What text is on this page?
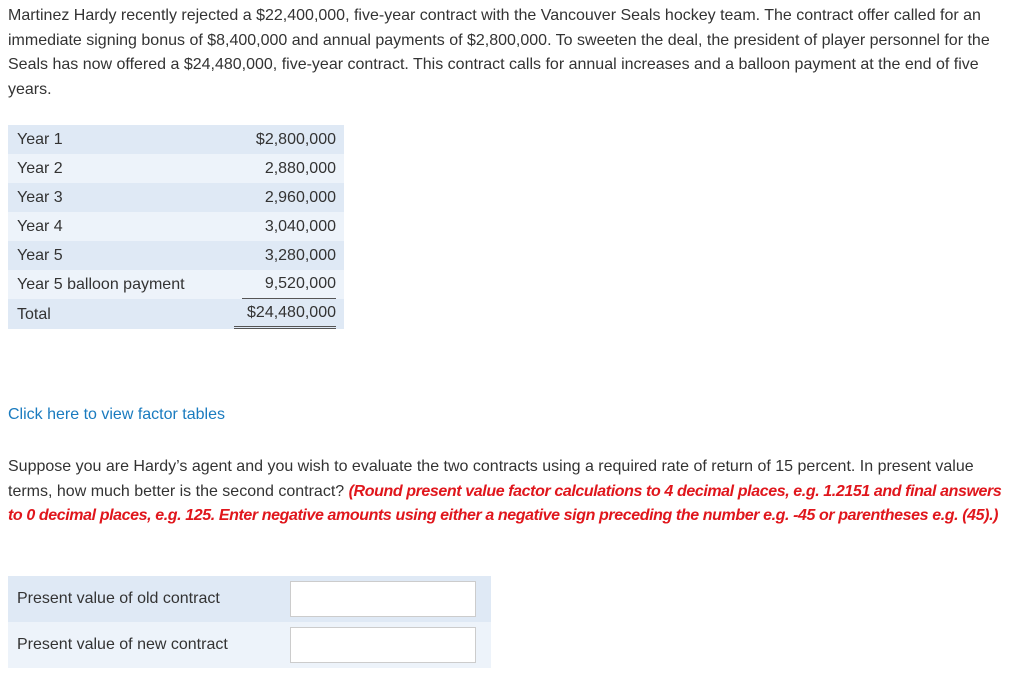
Martinez Hardy recently rejected a $22,400,000, five-year contract with the Vancouver Seals hockey team. The contract offer called for an immediate signing bonus of $8,400,000 and annual payments of $2,800,000. To sweeten the deal, the president of player personnel for the Seals has now offered a $24,480,000, five-year contract. This contract calls for annual increases and a balloon payment at the end of five years.

Year 1	$2,800,000
Year 2	2,880,000
Year 3	2,960,000
Year 4	3,040,000
Year 5	3,280,000
Year 5 balloon payment	9,520,000

Total	$24,480,000
Click here to view factor tables

Suppose you are Hardy’s agent and you wish to evaluate the two contracts using a required rate of return of 15 percent. In present value terms, how much better is the second contract? (Round present value factor calculations to 4 decimal places, e.g. 1.2151 and final answers to 0 decimal places, e.g. 125. Enter negative amounts using either a negative sign preceding the number e.g. -45 or parentheses e.g. (45).)

Present value of old contract
Present value of new contract
